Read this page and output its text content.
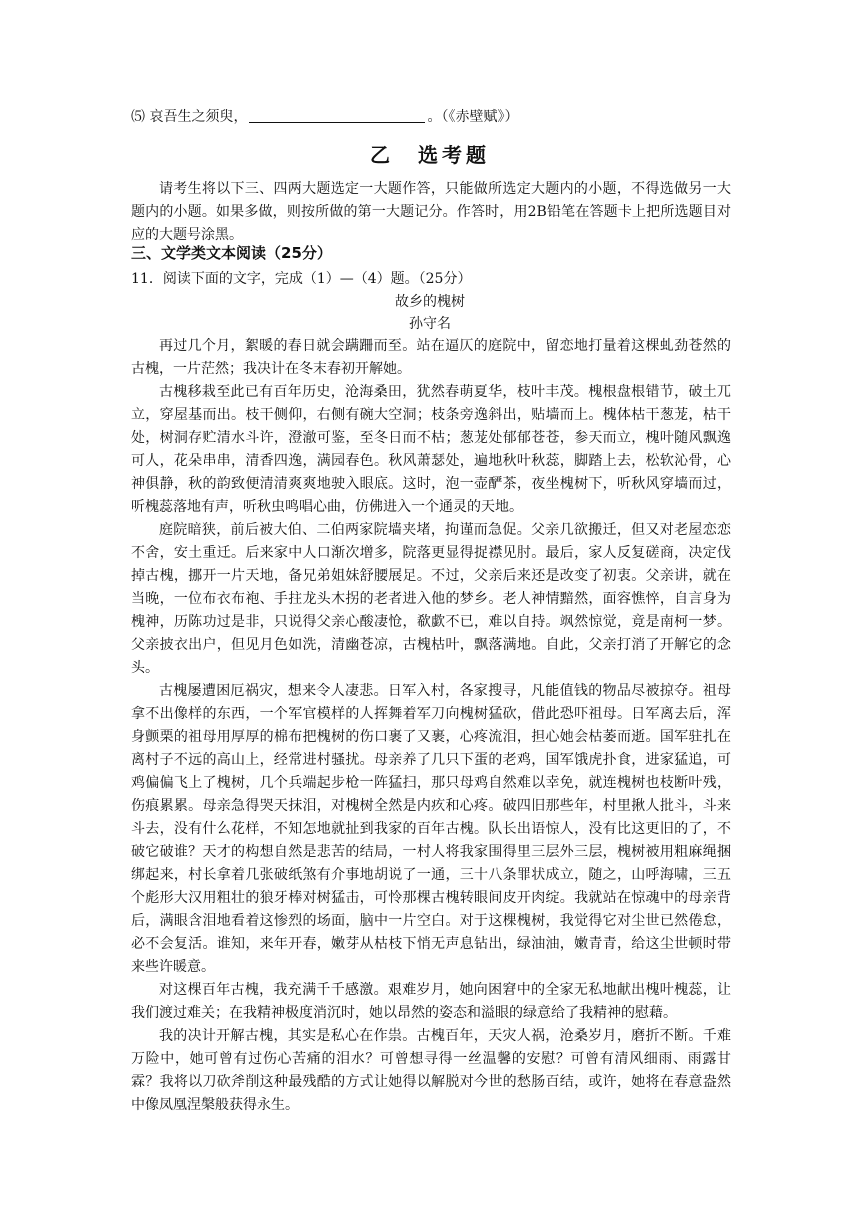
⑸ 哀吾生之须臾，	。（《赤壁赋》）
乙　选考题

请考生将以下三、四两大题选定一大题作答，只能做所选定大题内的小题，不得选做另一大题内的小题。如果多做，则按所做的第一大题记分。作答时，用2B铅笔在答题卡上把所选题目对应的大题号涂黑。

三、文学类文本阅读（25分）
11．阅读下面的文字，完成（1）—（4）题。（25分）
故乡的槐树
孙守名

再过几个月，絮暖的春日就会蹒跚而至。站在逼仄的庭院中，留恋地打量着这棵虬劲苍然的古槐，一片茫然；我决计在冬末春初开解她。

古槐移栽至此已有百年历史，沧海桑田，犹然春萌夏华，枝叶丰茂。槐根盘根错节，破土兀立，穿屋基而出。枝干侧仰，右侧有碗大空洞；枝条旁逸斜出，贴墙而上。槐体枯干葱茏，枯干处，树洞存贮清水斗许，澄澈可鉴，至冬日而不枯；葱茏处郁郁苍苍，参天而立，槐叶随风飘逸可人，花朵串串，清香四逸，满园春色。秋风萧瑟处，遍地秋叶秋蕊，脚踏上去，松软沁骨，心神俱静，秋的韵致便清清爽爽地驶入眼底。这时，泡一壶酽茶，夜坐槐树下，听秋风穿墙而过，听槐蕊落地有声，听秋虫鸣唱心曲，仿佛进入一个通灵的天地。

庭院暗狭，前后被大伯、二伯两家院墙夹堵，拘谨而急促。父亲几欲搬迁，但又对老屋恋恋不舍，安土重迁。后来家中人口渐次增多，院落更显得捉襟见肘。最后，家人反复磋商，决定伐掉古槐，挪开一片天地，备兄弟姐妹舒腰展足。不过，父亲后来还是改变了初衷。父亲讲，就在当晚，一位布衣布袍、手拄龙头木拐的老者进入他的梦乡。老人神情黯然，面容憔悴，自言身为槐神，历陈功过是非，只说得父亲心酸凄怆，欷歔不已，难以自持。飒然惊觉，竟是南柯一梦。父亲披衣出户，但见月色如洗，清幽苍凉，古槐枯叶，飘落满地。自此，父亲打消了开解它的念头。

古槐屡遭困厄祸灾，想来令人凄悲。日军入村，各家搜寻，凡能值钱的物品尽被掠夺。祖母拿不出像样的东西，一个军官模样的人挥舞着军刀向槐树猛砍，借此恐吓祖母。日军离去后，浑身颤栗的祖母用厚厚的棉布把槐树的伤口裹了又裹，心疼流泪，担心她会枯萎而逝。国军驻扎在离村子不远的高山上，经常进村骚扰。母亲养了几只下蛋的老鸡，国军饿虎扑食，进家猛追，可鸡偏偏飞上了槐树，几个兵端起步枪一阵猛扫，那只母鸡自然难以幸免，就连槐树也枝断叶残，伤痕累累。母亲急得哭天抹泪，对槐树全然是内疚和心疼。破四旧那些年，村里揪人批斗，斗来斗去，没有什么花样，不知怎地就扯到我家的百年古槐。队长出语惊人，没有比这更旧的了，不破它破谁？天才的构想自然是悲苦的结局，一村人将我家围得里三层外三层，槐树被用粗麻绳捆绑起来，村长拿着几张破纸煞有介事地胡说了一通，三十八条罪状成立，随之，山呼海啸，三五个彪形大汉用粗壮的狼牙棒对树猛击，可怜那棵古槐转眼间皮开肉绽。我就站在惊魂中的母亲背后，满眼含泪地看着这惨烈的场面，脑中一片空白。对于这棵槐树，我觉得它对尘世已然倦怠，必不会复活。谁知，来年开春，嫩芽从枯枝下悄无声息钻出，绿油油，嫩青青，给这尘世顿时带来些许暖意。

对这棵百年古槐，我充满千千感激。艰难岁月，她向困窘中的全家无私地献出槐叶槐蕊，让我们渡过难关；在我精神极度消沉时，她以昂然的姿态和溢眼的绿意给了我精神的慰藉。

我的决计开解古槐，其实是私心在作祟。古槐百年，天灾人祸，沧桑岁月，磨折不断。千难万险中，她可曾有过伤心苦痛的泪水？可曾想寻得一丝温馨的安慰？可曾有清风细雨、雨露甘霖？我将以刀砍斧削这种最残酷的方式让她得以解脱对今世的愁肠百结，或许，她将在春意盎然中像凤凰涅槃般获得永生。
